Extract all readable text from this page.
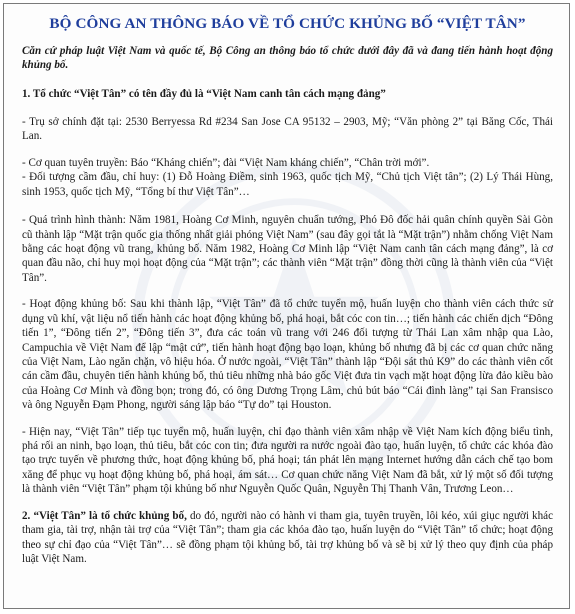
BỘ CÔNG AN THÔNG BÁO VỀ TỔ CHỨC KHỦNG BỐ “VIỆT TÂN”

Căn cứ pháp luật Việt Nam và quốc tế, Bộ Công an thông báo tổ chức dưới đây đã và đang tiến hành hoạt động khủng bố.

1. Tổ chức “Việt Tân” có tên đầy đủ là “Việt Nam canh tân cách mạng đảng”

- Trụ sở chính đặt tại: 2530 Berryessa Rd #234 San Jose CA 95132 – 2903, Mỹ; “Văn phòng 2” tại Băng Cốc, Thái Lan.

- Cơ quan tuyên truyền: Báo “Kháng chiến”; đài “Việt Nam kháng chiến”, “Chân trời mới”.

- Đối tượng cầm đầu, chỉ huy: (1) Đỗ Hoàng Điềm, sinh 1963, quốc tịch Mỹ, “Chủ tịch Việt tân”; (2) Lý Thái Hùng, sinh 1953, quốc tịch Mỹ, “Tổng bí thư Việt Tân”…

- Quá trình hình thành: Năm 1981, Hoàng Cơ Minh, nguyên chuẩn tướng, Phó Đô đốc hải quân chính quyền Sài Gòn cũ thành lập “Mặt trận quốc gia thống nhất giải phóng Việt Nam” (sau đây gọi tắt là “Mặt trận”) nhằm chống Việt Nam bằng các hoạt động vũ trang, khủng bố. Năm 1982, Hoàng Cơ Minh lập “Việt Nam canh tân cách mạng đảng”, là cơ quan đầu não, chỉ huy mọi hoạt động của “Mặt trận”; các thành viên “Mặt trận” đồng thời cũng là thành viên của “Việt Tân”.

- Hoạt động khủng bố: Sau khi thành lập, “Việt Tân” đã tổ chức tuyển mộ, huấn luyện cho thành viên cách thức sử dụng vũ khí, vật liệu nổ tiến hành các hoạt động khủng bố, phá hoại, bắt cóc con tin…; tiến hành các chiến dịch “Đông tiến 1”, “Đông tiến 2”, “Đông tiến 3”, đưa các toán vũ trang với 246 đối tượng từ Thái Lan xâm nhập qua Lào, Campuchia về Việt Nam để lập “mật cứ”, tiến hành hoạt động bạo loạn, khủng bố nhưng đã bị các cơ quan chức năng của Việt Nam, Lào ngăn chặn, vô hiệu hóa. Ở nước ngoài, “Việt Tân” thành lập “Đội sát thủ K9” do các thành viên cốt cán cầm đầu, chuyên tiến hành khủng bố, thủ tiêu những nhà báo gốc Việt đưa tin vạch mặt hoạt động lừa đảo kiều bào của Hoàng Cơ Minh và đồng bọn; trong đó, có ông Dương Trọng Lâm, chủ bút báo “Cái đình làng” tại San Fransisco và ông Nguyễn Đạm Phong, người sáng lập báo “Tự do” tại Houston.

- Hiện nay, “Việt Tân” tiếp tục tuyển mộ, huấn luyện, chỉ đạo thành viên xâm nhập về Việt Nam kích động biểu tình, phá rối an ninh, bạo loạn, thủ tiêu, bắt cóc con tin; đưa người ra nước ngoài đào tạo, huấn luyện, tổ chức các khóa đào tạo trực tuyến về phương thức, hoạt động khủng bố, phá hoại; tán phát lên mạng Internet hướng dẫn cách chế tạo bom xăng để phục vụ hoạt động khủng bố, phá hoại, ám sát… Cơ quan chức năng Việt Nam đã bắt, xử lý một số đối tượng là thành viên “Việt Tân” phạm tội khủng bố như Nguyễn Quốc Quân, Nguyễn Thị Thanh Vân, Trương Leon…

2. “Việt Tân” là tổ chức khủng bố, do đó, người nào có hành vi tham gia, tuyên truyền, lôi kéo, xúi giục người khác tham gia, tài trợ, nhận tài trợ của “Việt Tân”; tham gia các khóa đào tạo, huấn luyện do “Việt Tân” tổ chức; hoạt động theo sự chỉ đạo của “Việt Tân”… sẽ đồng phạm tội khủng bố, tài trợ khủng bố và sẽ bị xử lý theo quy định của pháp luật Việt Nam.
